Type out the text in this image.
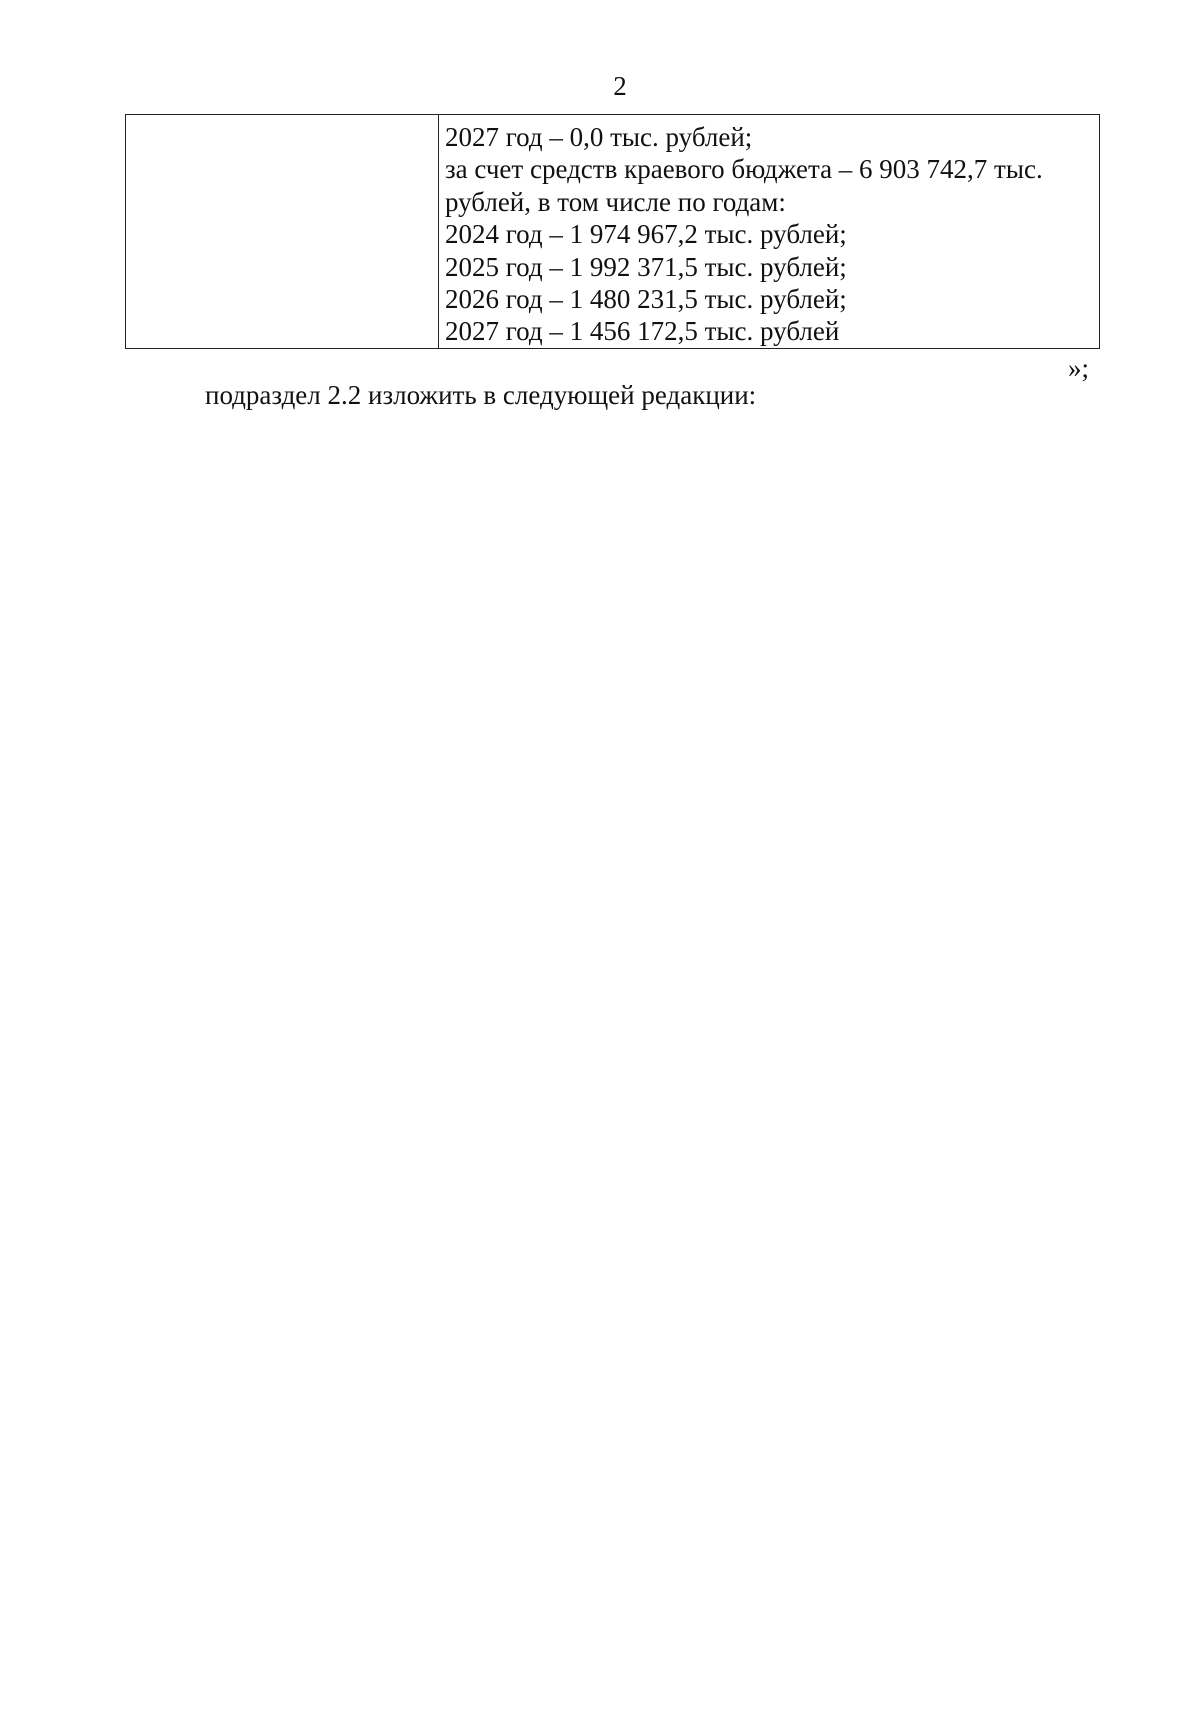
2

2027 год – 0,0 тыс. рублей;
за счет средств краевого бюджета – 6 903 742,7 тыс.
рублей, в том числе по годам:
2024 год – 1 974 967,2 тыс. рублей;
2025 год – 1 992 371,5 тыс. рублей;
2026 год – 1 480 231,5 тыс. рублей;
2027 год – 1 456 172,5 тыс. рублей
»;
подраздел 2.2 изложить в следующей редакции:
